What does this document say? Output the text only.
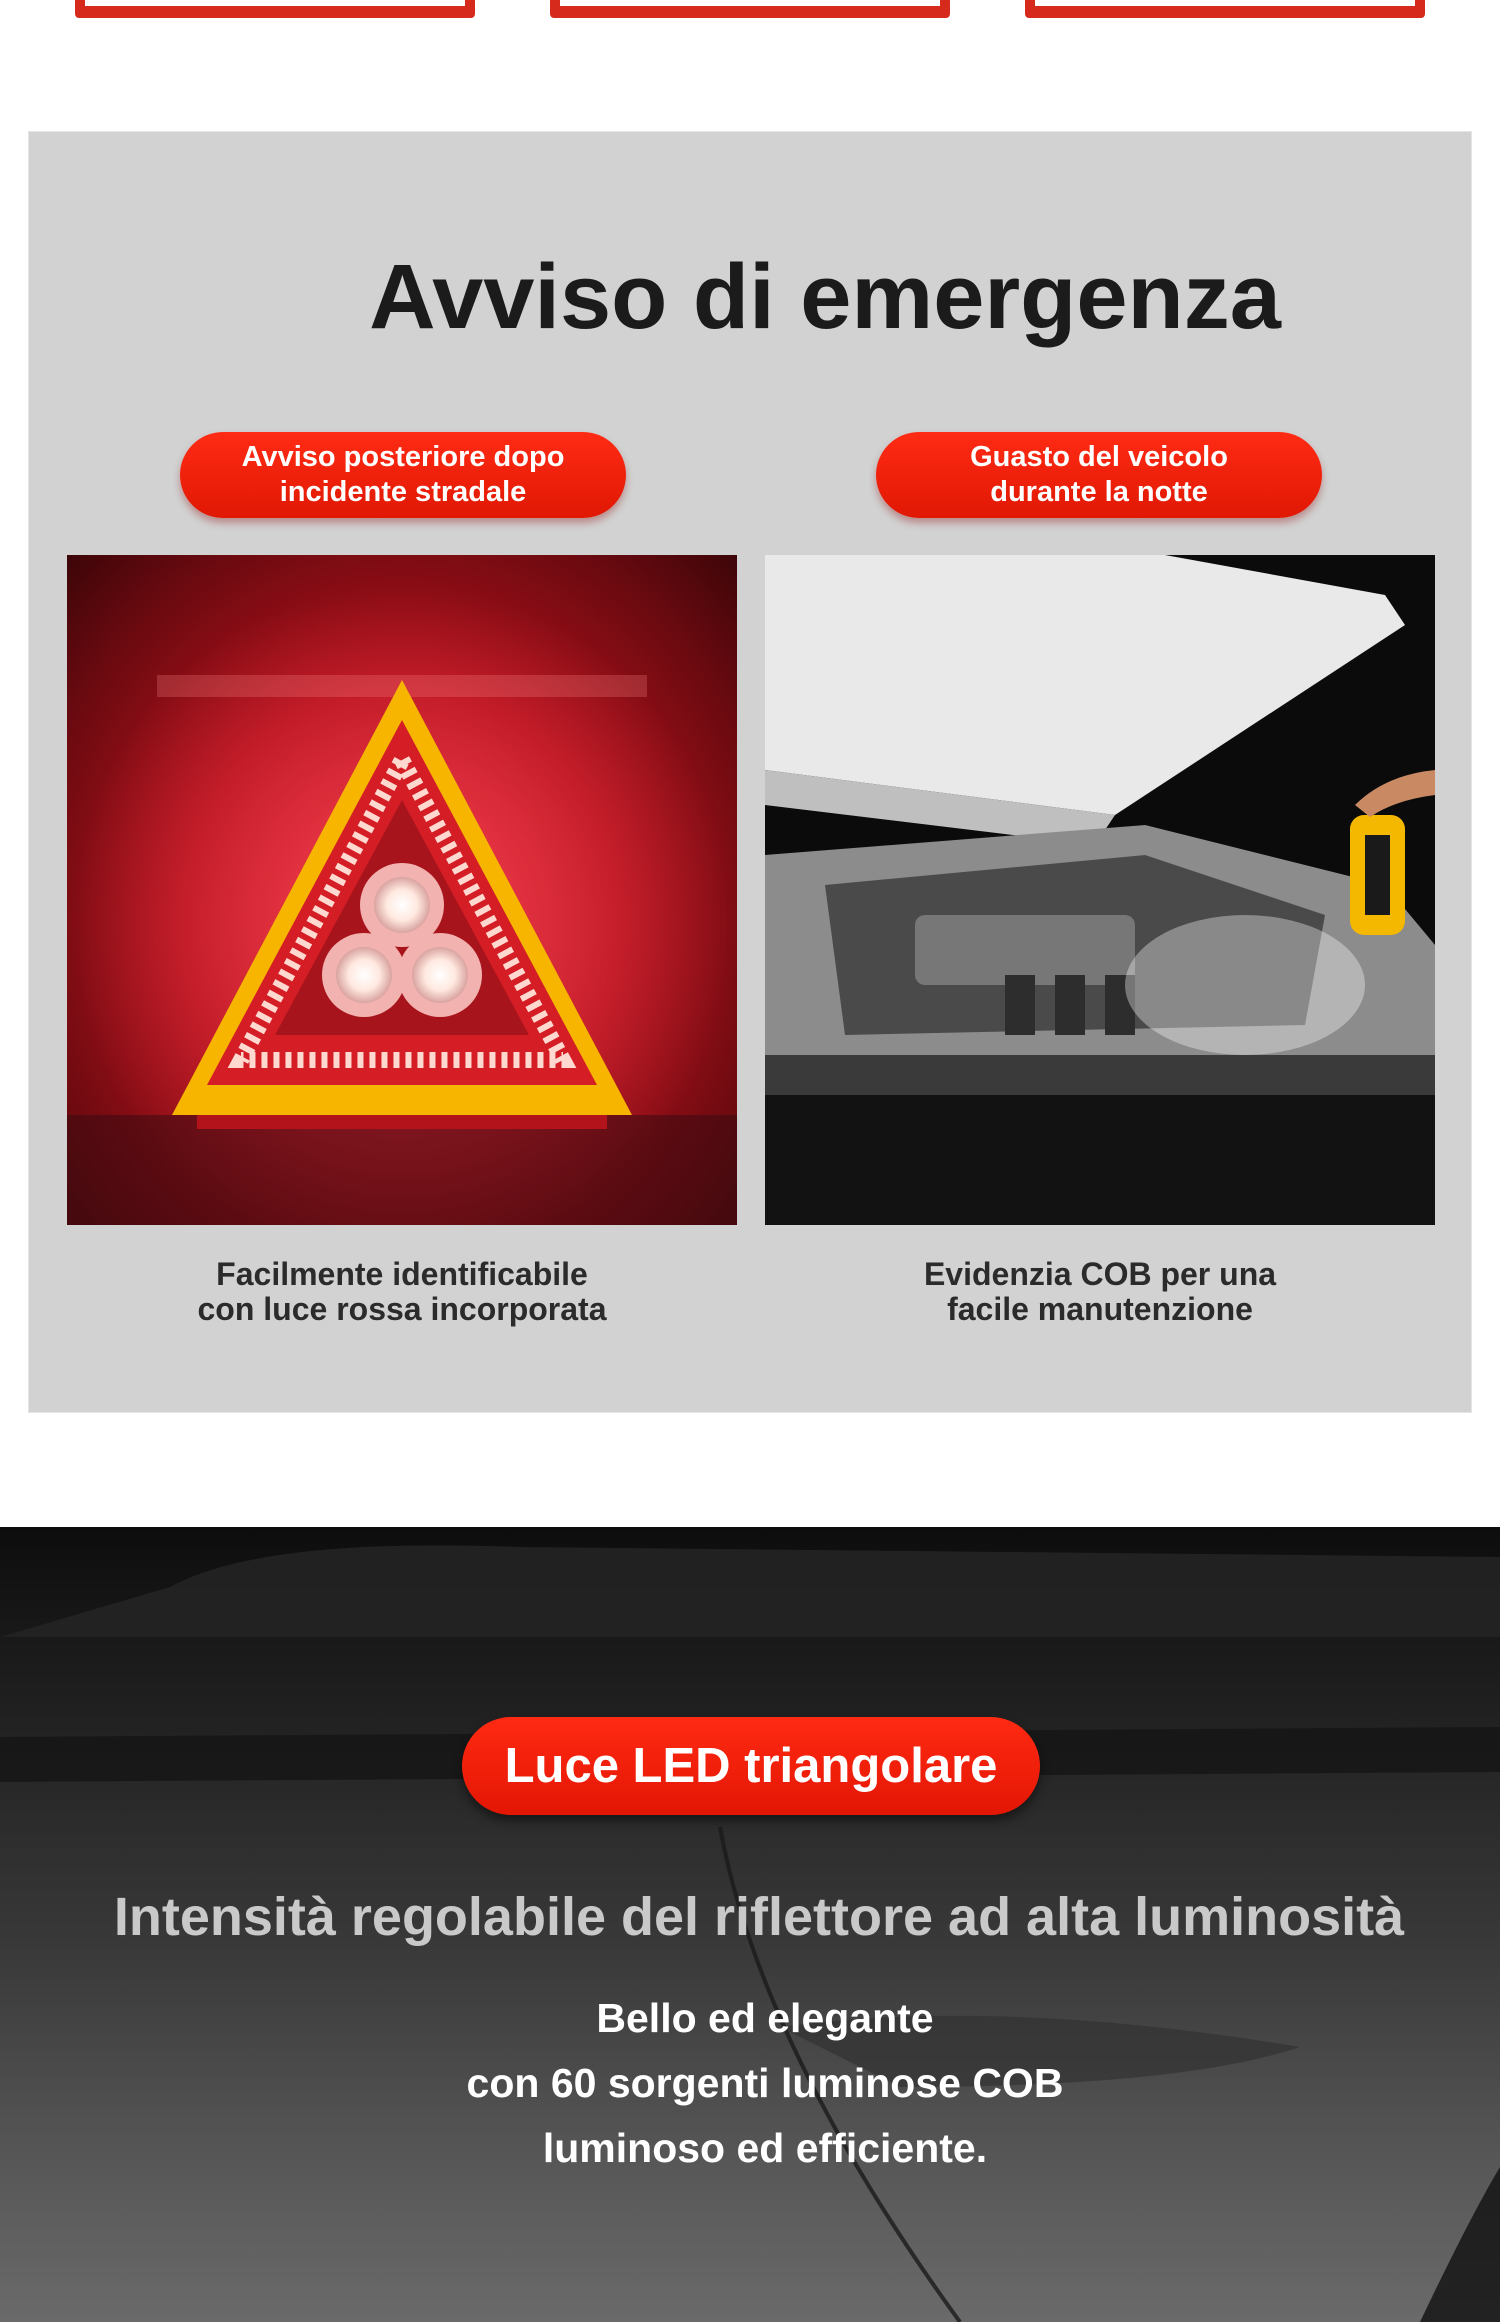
Avviso di emergenza
Avviso posteriore dopo
incidente stradale
Guasto del veicolo
durante la notte
Facilmente identificabile
con luce rossa incorporata
Evidenzia COB per una
facile manutenzione
Luce LED triangolare
Intensità regolabile del riflettore ad alta luminosità
Bello ed elegante
con 60 sorgenti luminose COB
luminoso ed efficiente.
